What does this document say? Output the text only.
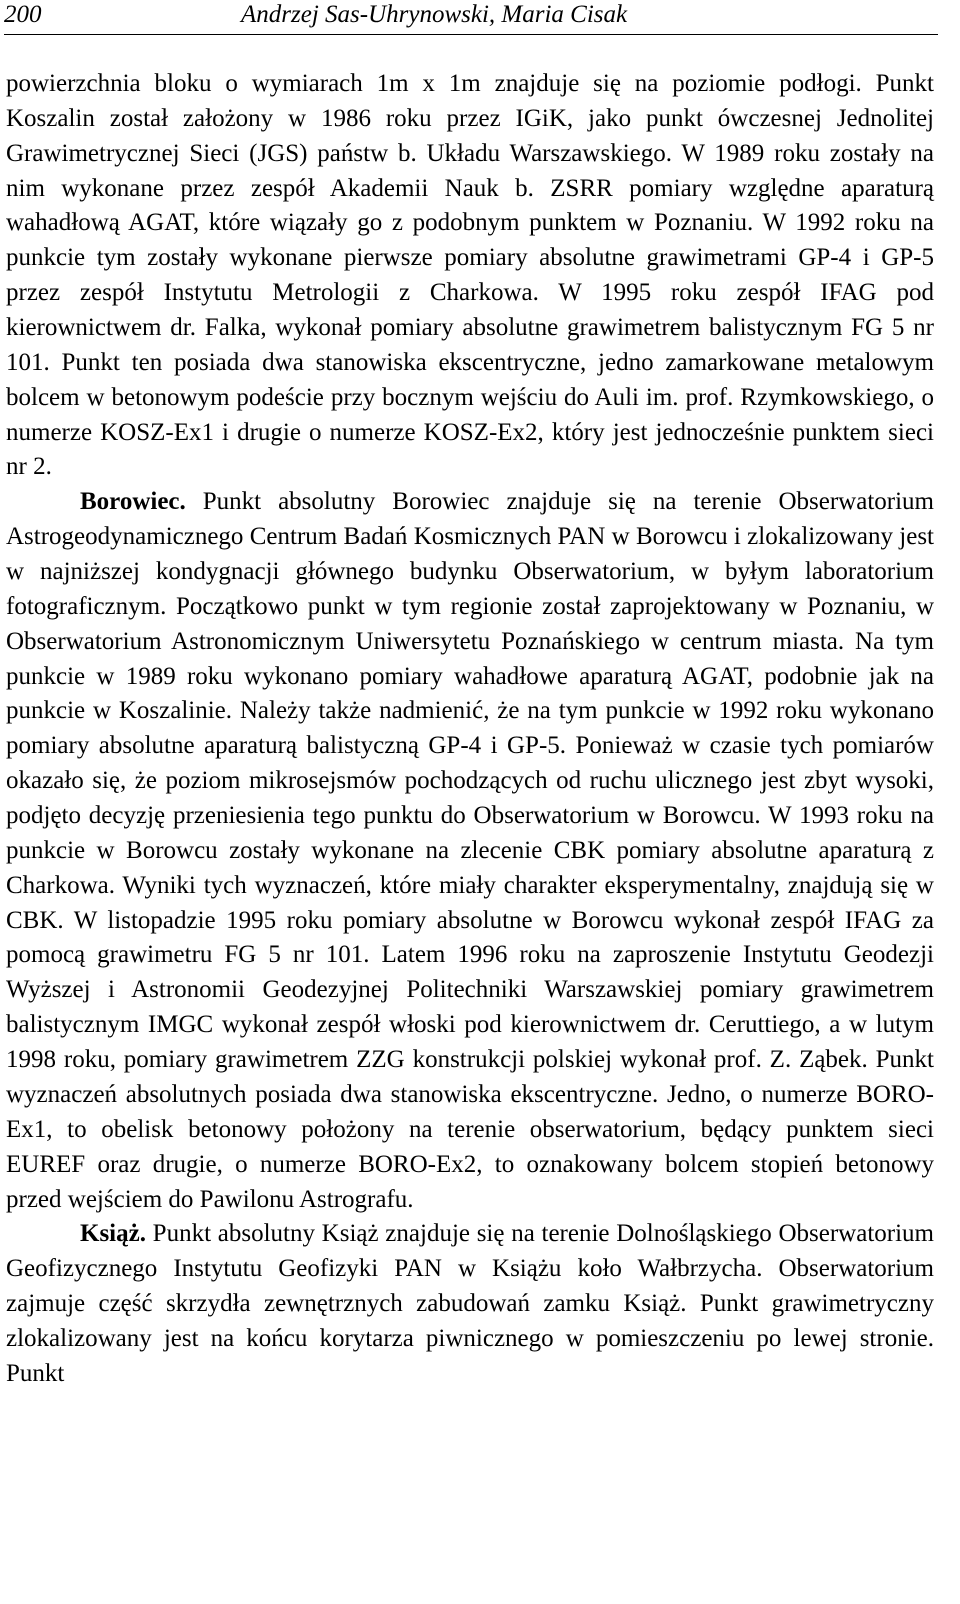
200	Andrzej Sas-Uhrynowski, Maria Cisak

powierzchnia bloku o wymiarach 1m x 1m znajduje się na poziomie podłogi. Punkt Koszalin został założony w 1986 roku przez IGiK, jako punkt ówczesnej Jednolitej Grawimetrycznej Sieci (JGS) państw b. Układu Warszawskiego. W 1989 roku zostały na nim wykonane przez zespół Akademii Nauk b. ZSRR pomiary względne aparaturą wahadłową AGAT, które wiązały go z podobnym punktem w Poznaniu. W 1992 roku na punkcie tym zostały wykonane pierwsze pomiary absolutne grawimetrami GP-4 i GP-5 przez zespół Instytutu Metrologii z Charkowa. W 1995 roku zespół IFAG pod kierownictwem dr. Falka, wykonał pomiary absolutne grawimetrem balistycznym FG 5 nr 101. Punkt ten posiada dwa stanowiska ekscentryczne, jedno zamarkowane metalowym bolcem w betonowym podeście przy bocznym wejściu do Auli im. prof. Rzymkowskiego, o numerze KOSZ-Ex1 i drugie o numerze KOSZ-Ex2, który jest jednocześnie punktem sieci nr 2.

Borowiec. Punkt absolutny Borowiec znajduje się na terenie Obserwatorium Astrogeodynamicznego Centrum Badań Kosmicznych PAN w Borowcu i zlokalizowany jest w najniższej kondygnacji głównego budynku Obserwatorium, w byłym laboratorium fotograficznym. Początkowo punkt w tym regionie został zaprojektowany w Poznaniu, w Obserwatorium Astronomicznym Uniwersytetu Poznańskiego w centrum miasta. Na tym punkcie w 1989 roku wykonano pomiary wahadłowe aparaturą AGAT, podobnie jak na punkcie w Koszalinie. Należy także nadmienić, że na tym punkcie w 1992 roku wykonano pomiary absolutne aparaturą balistyczną GP-4 i GP-5. Ponieważ w czasie tych pomiarów okazało się, że poziom mikrosejsmów pochodzących od ruchu ulicznego jest zbyt wysoki, podjęto decyzję przeniesienia tego punktu do Obserwatorium w Borowcu. W 1993 roku na punkcie w Borowcu zostały wykonane na zlecenie CBK pomiary absolutne aparaturą z Charkowa. Wyniki tych wyznaczeń, które miały charakter eksperymentalny, znajdują się w CBK. W listopadzie 1995 roku pomiary absolutne w Borowcu wykonał zespół IFAG za pomocą grawimetru FG 5 nr 101. Latem 1996 roku na zaproszenie Instytutu Geodezji Wyższej i Astronomii Geodezyjnej Politechniki Warszawskiej pomiary grawimetrem balistycznym IMGC wykonał zespół włoski pod kierownictwem dr. Ceruttiego, a w lutym 1998 roku, pomiary grawimetrem ZZG konstrukcji polskiej wykonał prof. Z. Ząbek. Punkt wyznaczeń absolutnych posiada dwa stanowiska ekscentryczne. Jedno, o numerze BORO-Ex1, to obelisk betonowy położony na terenie obserwatorium, będący punktem sieci EUREF oraz drugie, o numerze BORO-Ex2, to oznakowany bolcem stopień betonowy przed wejściem do Pawilonu Astrografu.

Książ. Punkt absolutny Książ znajduje się na terenie Dolnośląskiego Obserwatorium Geofizycznego Instytutu Geofizyki PAN w Książu koło Wałbrzycha. Obserwatorium zajmuje część skrzydła zewnętrznych zabudowań zamku Książ. Punkt grawimetryczny zlokalizowany jest na końcu korytarza piwnicznego w pomieszczeniu po lewej stronie. Punkt
